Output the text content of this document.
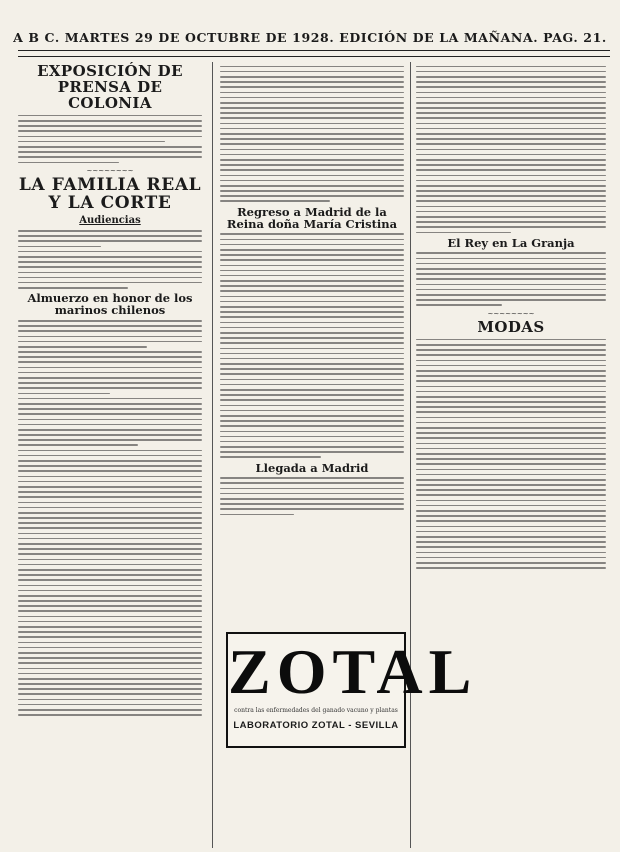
A B C. MARTES 29 DE OCTUBRE DE 1928. EDICIÓN DE LA MAÑANA. PAG. 21.
EXPOSICIÓN DE PRENSA DE COLONIA
~~~~~~~~
LA FAMILIA REAL Y LA CORTE
Audiencias
Almuerzo en honor de los marinos chilenos
Regreso a Madrid de la Reina doña María Cristina
Llegada a Madrid
ZOTAL
contra las enfermedades del ganado vacuno y plantas
LABORATORIO ZOTAL - SEVILLA
El Rey en La Granja
~~~~~~~~
MODAS
